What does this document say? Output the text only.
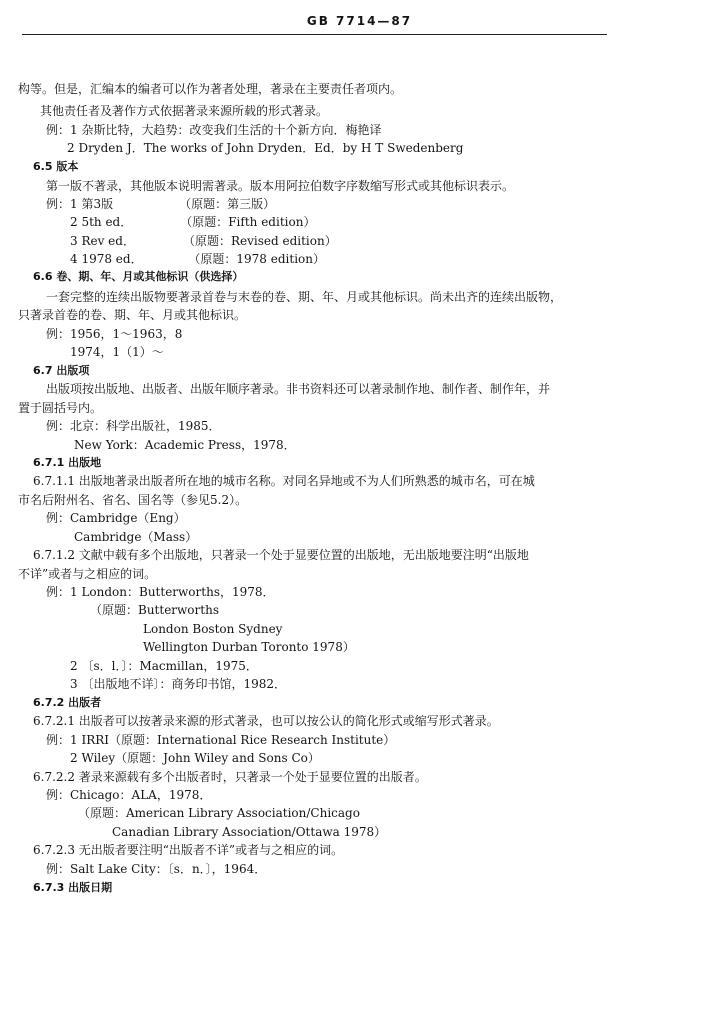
GB 7714—87
构等。但是，汇编本的编者可以作为著者处理，著录在主要责任者项内。
其他责任者及著作方式依据著录来源所载的形式著录。
例：1 杂斯比特，大趋势：改变我们生活的十个新方向．梅艳译
2 Dryden J．The works of John Dryden．Ed．by H T Swedenberg
6.5 版本
第一版不著录，其他版本说明需著录。版本用阿拉伯数字序数缩写形式或其他标识表示。
例：1 第3版　　　　　　（原题：第三版）
2 5th ed．　　　　　（原题：Fifth edition）
3 Rev ed．　　　　　（原题：Revised edition）
4 1978 ed．　　　　 （原题：1978 edition）
6.6 卷、期、年、月或其他标识（供选择）
一套完整的连续出版物要著录首卷与末卷的卷、期、年、月或其他标识。尚未出齐的连续出版物，
只著录首卷的卷、期、年、月或其他标识。
例：1956，1～1963，8
1974，1（1）～
6.7 出版项
出版项按出版地、出版者、出版年顺序著录。非书资料还可以著录制作地、制作者、制作年，并
置于圆括号内。
例：北京：科学出版社，1985．
New York：Academic Press，1978．
6.7.1 出版地
6.7.1.1 出版地著录出版者所在地的城市名称。对同名异地或不为人们所熟悉的城市名，可在城
市名后附州名、省名、国名等（参见5.2）。
例：Cambridge（Eng）
Cambridge（Mass）
6.7.1.2 文献中载有多个出版地，只著录一个处于显要位置的出版地，无出版地要注明“出版地
不详”或者与之相应的词。
例：1 London：Butterworths，1978．
（原题：Butterworths
London Boston Sydney
Wellington Durban Toronto 1978）
2 〔s．l．〕：Macmillan，1975．
3 〔出版地不详〕：商务印书馆，1982．
6.7.2 出版者
6.7.2.1 出版者可以按著录来源的形式著录，也可以按公认的简化形式或缩写形式著录。
例：1 IRRI（原题：International Rice Research Institute）
2 Wiley（原题：John Wiley and Sons Co）
6.7.2.2 著录来源载有多个出版者时，只著录一个处于显要位置的出版者。
例：Chicago：ALA，1978．
（原题：American Library Association/Chicago
Canadian Library Association/Ottawa 1978）
6.7.2.3 无出版者要注明“出版者不详”或者与之相应的词。
例：Salt Lake City：〔s．n．〕，1964．
6.7.3 出版日期
